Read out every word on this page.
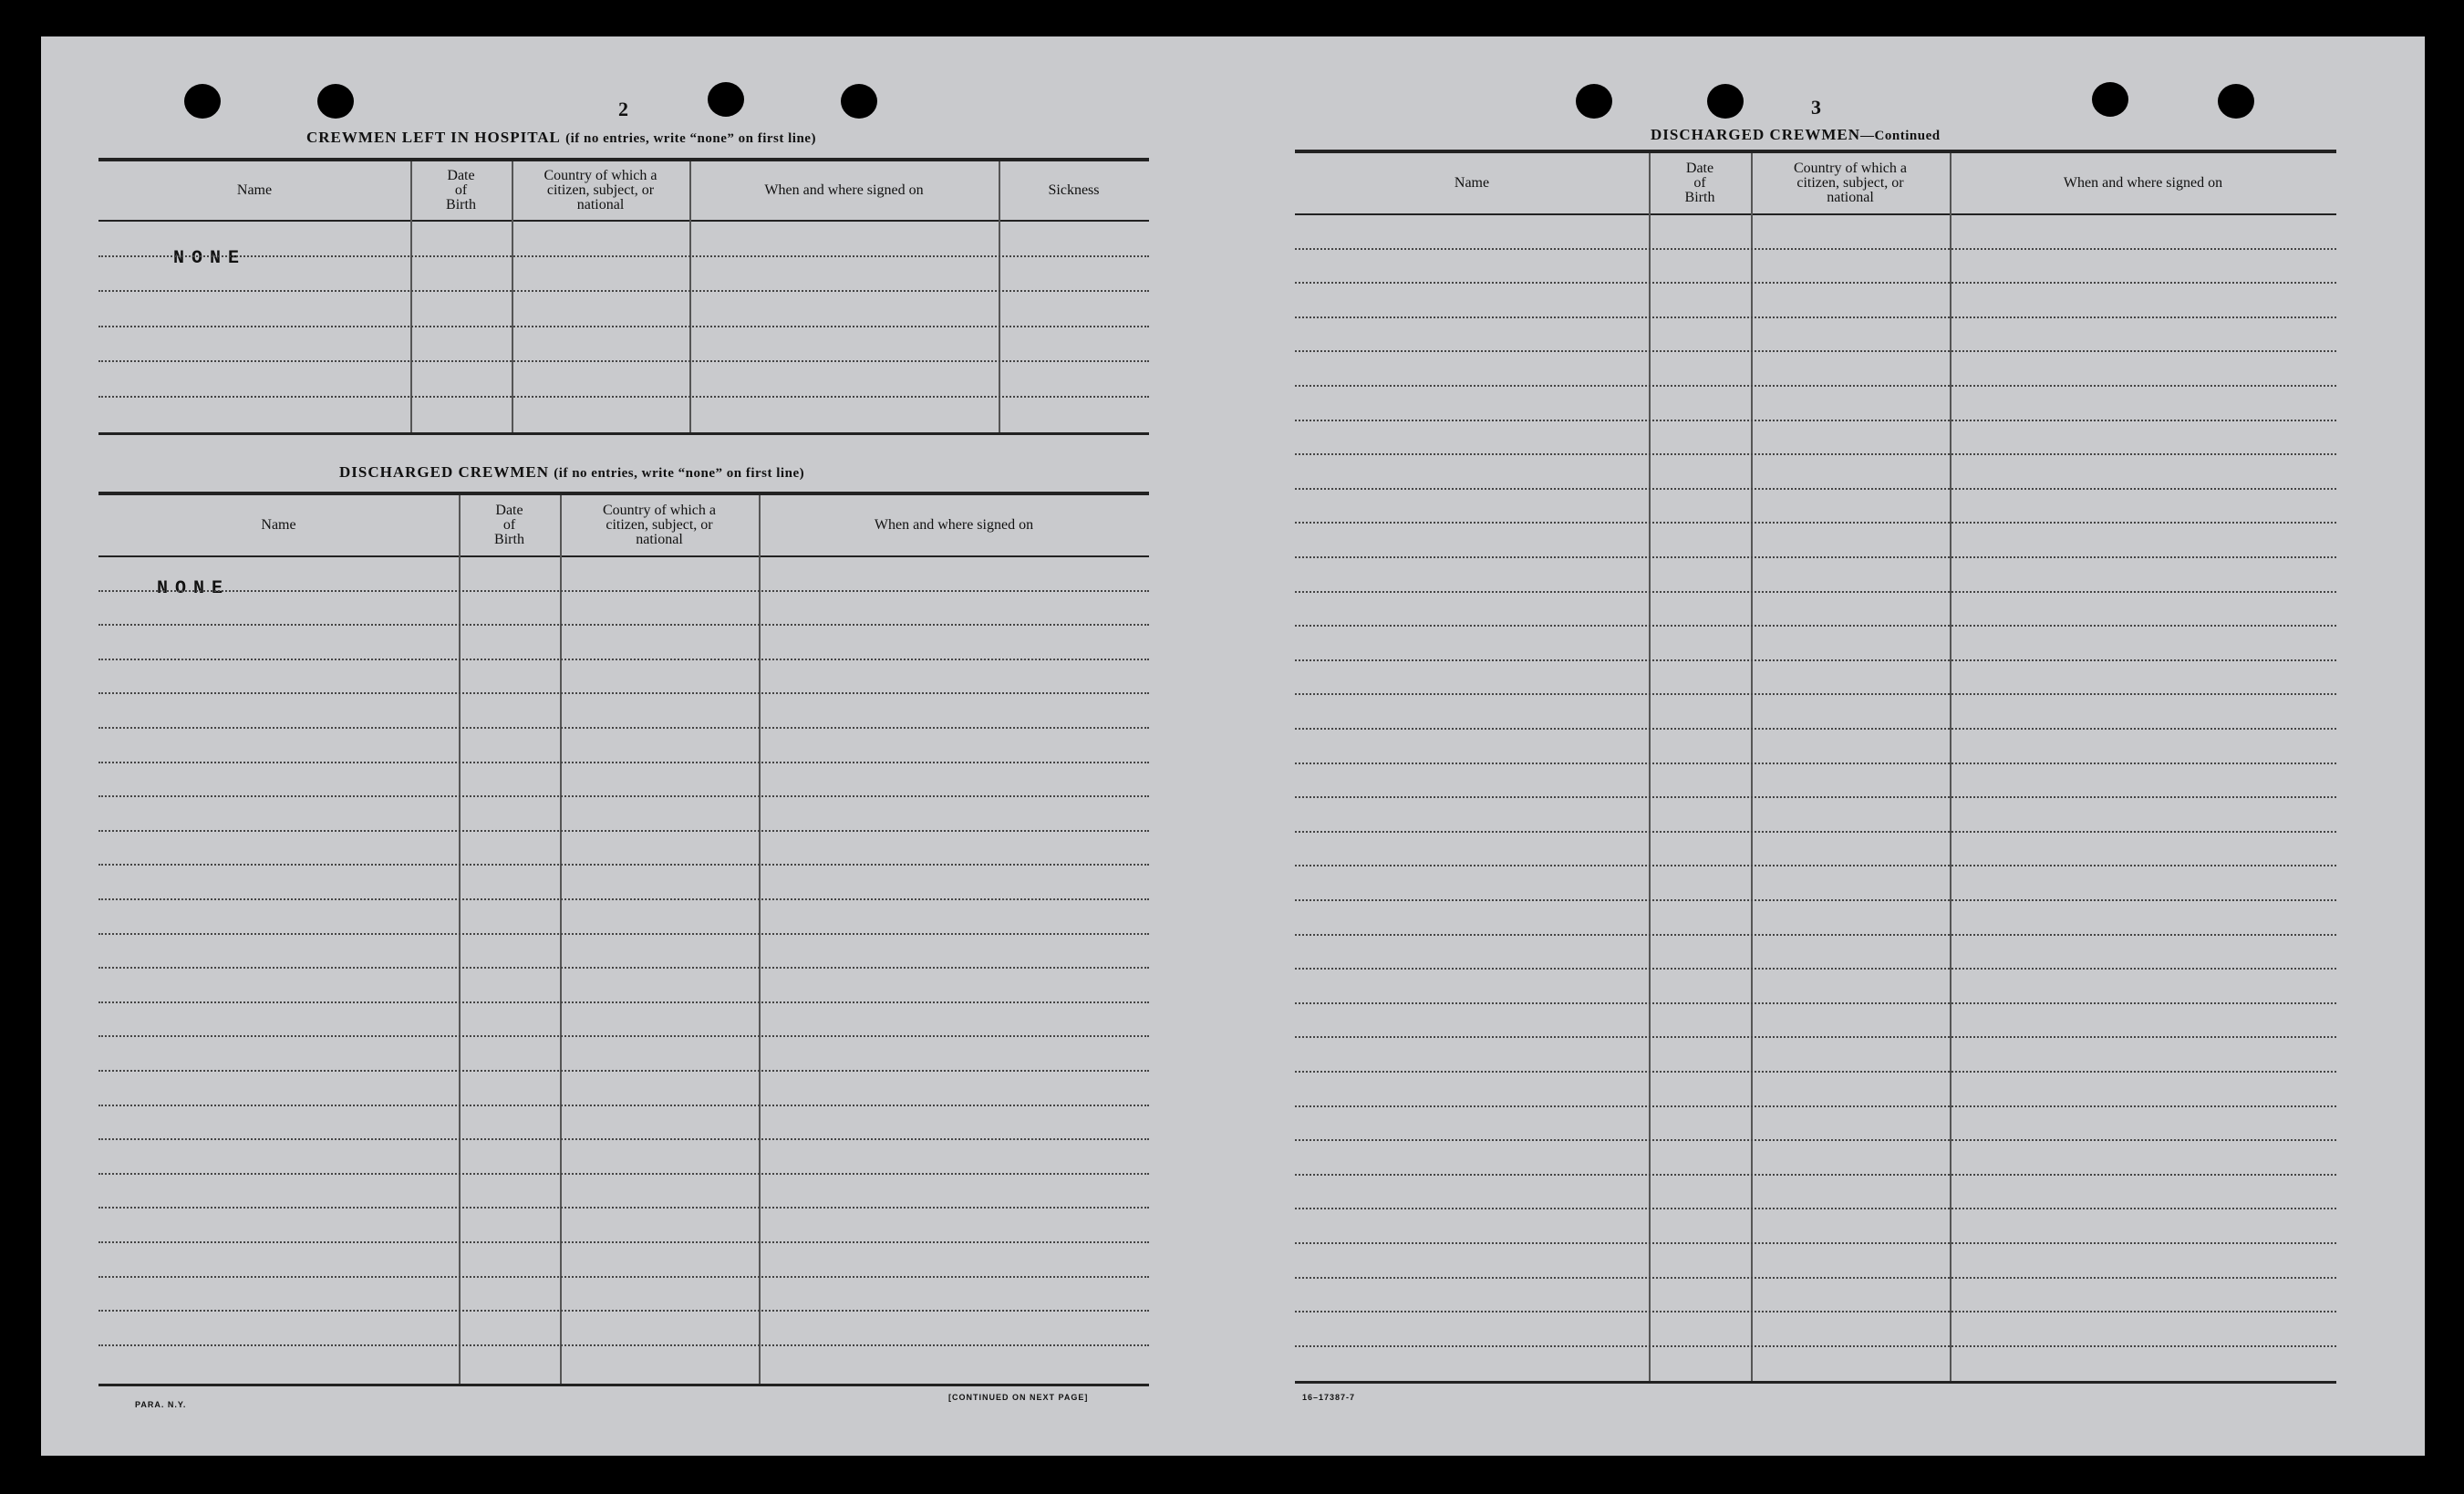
2
CREWMEN LEFT IN HOSPITAL (if no entries, write “none” on first line)
NONE
DISCHARGED CREWMEN (if no entries, write “none” on first line)
NONE
PARA. N.Y.
[CONTINUED ON NEXT PAGE]
3
DISCHARGED CREWMEN—Continued
16–17387-7
Name
Date
of
Birth
Country of which a
citizen, subject, or
national
When and where signed on	Sickness
Name
Date
of
Birth
Country of which a
citizen, subject, or
national
When and where signed on
Name
Date
of
Birth
Country of which a
citizen, subject, or
national
When and where signed on
